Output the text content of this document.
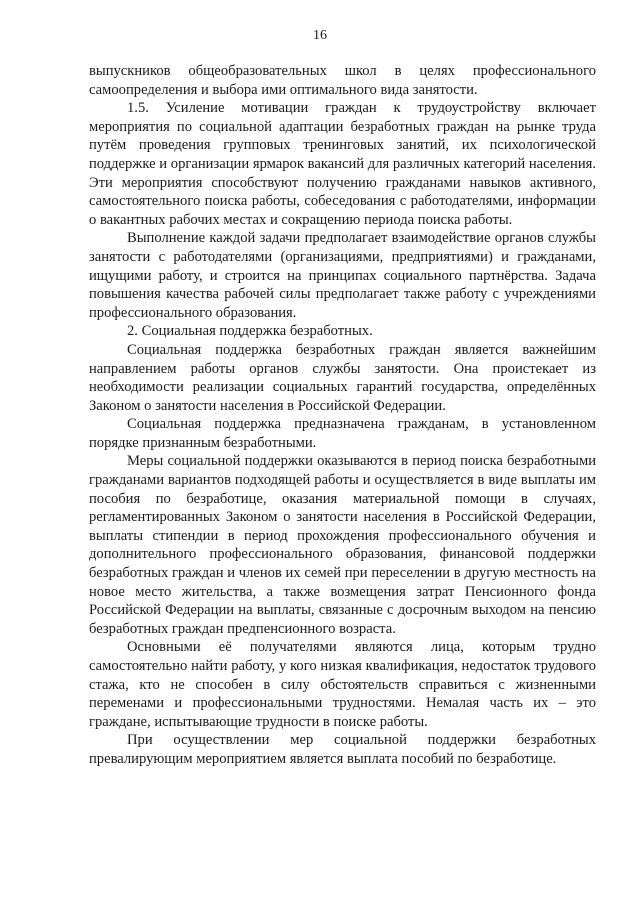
16

выпускников общеобразовательных школ в целях профессионального самоопределения и выбора ими оптимального вида занятости.

1.5. Усиление мотивации граждан к трудоустройству включает мероприятия по социальной адаптации безработных граждан на рынке труда путём проведения групповых тренинговых занятий, их психологической поддержке и организации ярмарок вакансий для различных категорий населения. Эти мероприятия способствуют получению гражданами навыков активного, самостоятельного поиска работы, собеседования с работодателями, информации о вакантных рабочих местах и сокращению периода поиска работы.

Выполнение каждой задачи предполагает взаимодействие органов службы занятости с работодателями (организациями, предприятиями) и гражданами, ищущими работу, и строится на принципах социального партнёрства. Задача повышения качества рабочей силы предполагает также работу с учреждениями профессионального образования.

2. Социальная поддержка безработных.

Социальная поддержка безработных граждан является важнейшим направлением работы органов службы занятости. Она проистекает из необходимости реализации социальных гарантий государства, определённых Законом о занятости населения в Российской Федерации.

Социальная поддержка предназначена гражданам, в установленном порядке признанным безработными.

Меры социальной поддержки оказываются в период поиска безработными гражданами вариантов подходящей работы и осуществляется в виде выплаты им пособия по безработице, оказания материальной помощи в случаях, регламентированных Законом о занятости населения в Российской Федерации, выплаты стипендии в период прохождения профессионального обучения и дополнительного профессионального образования, финансовой поддержки безработных граждан и членов их семей при переселении в другую местность на новое место жительства, а также возмещения затрат Пенсионного фонда Российской Федерации на выплаты, связанные с досрочным выходом на пенсию безработных граждан предпенсионного возраста.

Основными её получателями являются лица, которым трудно самостоятельно найти работу, у кого низкая квалификация, недостаток трудового стажа, кто не способен в силу обстоятельств справиться с жизненными переменами и профессиональными трудностями. Немалая часть их – это граждане, испытывающие трудности в поиске работы.

При осуществлении мер социальной поддержки безработных превалирующим мероприятием является выплата пособий по безработице.
